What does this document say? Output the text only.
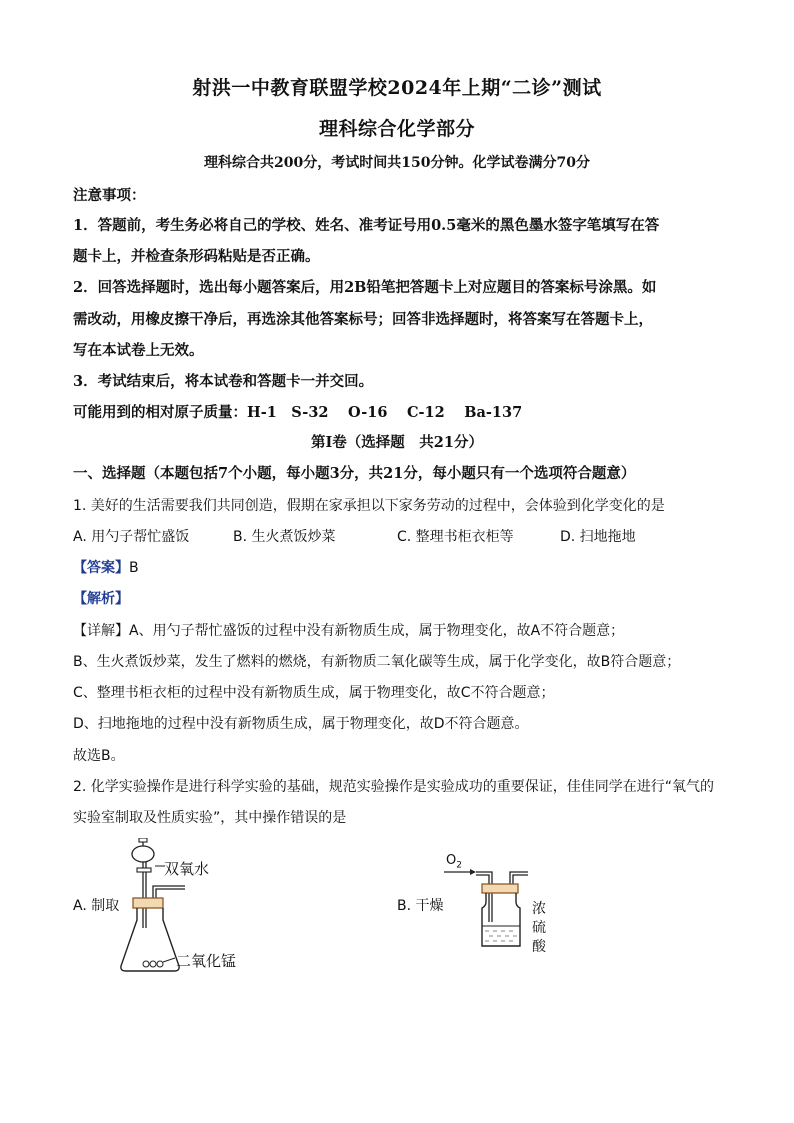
射洪一中教育联盟学校2024年上期“二诊”测试
理科综合化学部分
理科综合共200分，考试时间共150分钟。化学试卷满分70分
注意事项：
1．答题前，考生务必将自己的学校、姓名、准考证号用0.5毫米的黑色墨水签字笔填写在答
题卡上，并检查条形码粘贴是否正确。
2．回答选择题时，选出每小题答案后，用2B铅笔把答题卡上对应题目的答案标号涂黑。如
需改动，用橡皮擦干净后，再选涂其他答案标号；回答非选择题时，将答案写在答题卡上，
写在本试卷上无效。
3．考试结束后，将本试卷和答题卡一并交回。
可能用到的相对原子质量：H-1　S-32　 O-16　 C-12　 Ba-137
第I卷（选择题　共21分）
一、选择题（本题包括7个小题，每小题3分，共21分，每小题只有一个选项符合题意）
1. 美好的生活需要我们共同创造，假期在家承担以下家务劳动的过程中，会体验到化学变化的是
A. 用勺子帮忙盛饭	B. 生火煮饭炒菜	C. 整理书柜衣柜等	D. 扫地拖地
【答案】B
【解析】
【详解】A、用勺子帮忙盛饭的过程中没有新物质生成，属于物理变化，故A不符合题意；
B、生火煮饭炒菜，发生了燃料的燃烧，有新物质二氧化碳等生成，属于化学变化，故B符合题意；
C、整理书柜衣柜的过程中没有新物质生成，属于物理变化，故C不符合题意；
D、扫地拖地的过程中没有新物质生成，属于物理变化，故D不符合题意。
故选B。
2. 化学实验操作是进行科学实验的基础，规范实验操作是实验成功的重要保证，佳佳同学在进行“氧气的
实验室制取及性质实验”，其中操作错误的是
A. 制取
双氧水
二氧化锰
B. 干燥
$O_2$
浓
硫
酸
